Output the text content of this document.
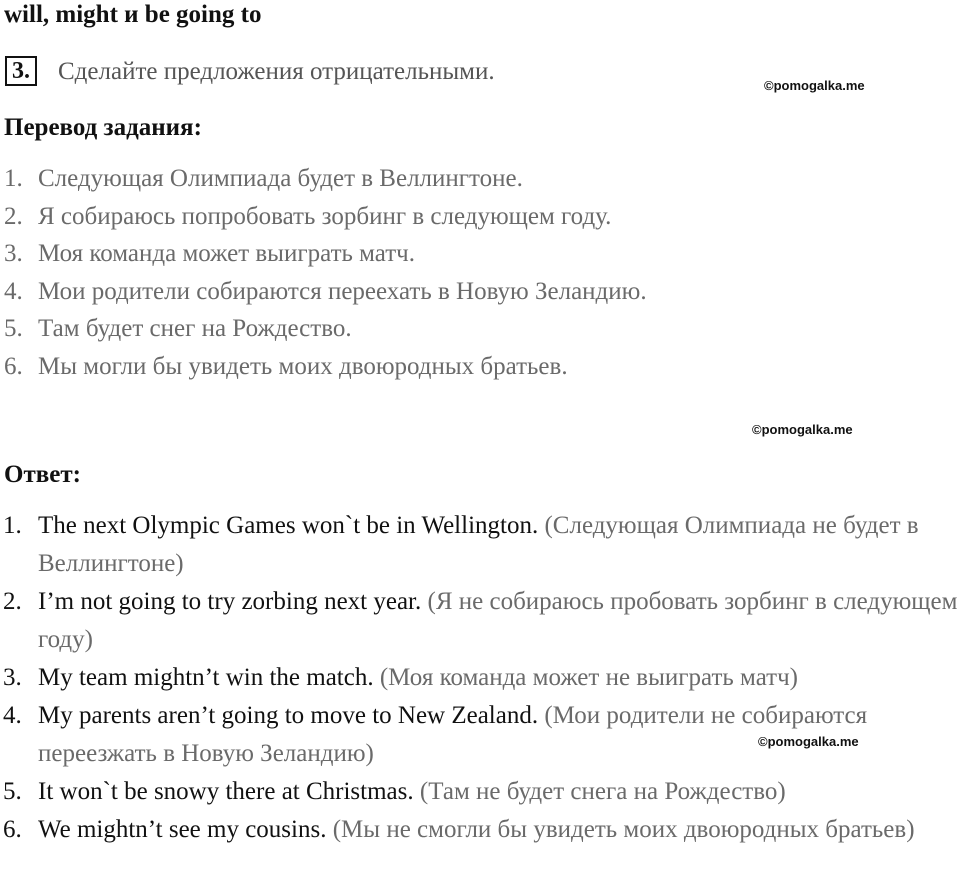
will, might и be going to
3. Сделайте предложения отрицательными.
©pomogalka.me
Перевод задания:
1. Следующая Олимпиада будет в Веллингтоне.
2. Я собираюсь попробовать зорбинг в следующем году.
3. Моя команда может выиграть матч.
4. Мои родители собираются переехать в Новую Зеландию.
5. Там будет снег на Рождество.
6. Мы могли бы увидеть моих двоюродных братьев.
©pomogalka.me
Ответ:
1. The next Olympic Games won`t be in Wellington. (Следующая Олимпиада не будет в Веллингтоне)
2. I’m not going to try zorbing next year. (Я не собираюсь пробовать зорбинг в следующем году)
3. My team mightn’t win the match. (Моя команда может не выиграть матч)
4. My parents aren’t going to move to New Zealand. (Мои родители не собираются переезжать в Новую Зеландию)
5. It won`t be snowy there at Christmas. (Там не будет снега на Рождество)
6. We mightn’t see my cousins. (Мы не смогли бы увидеть моих двоюродных братьев)
©pomogalka.me
